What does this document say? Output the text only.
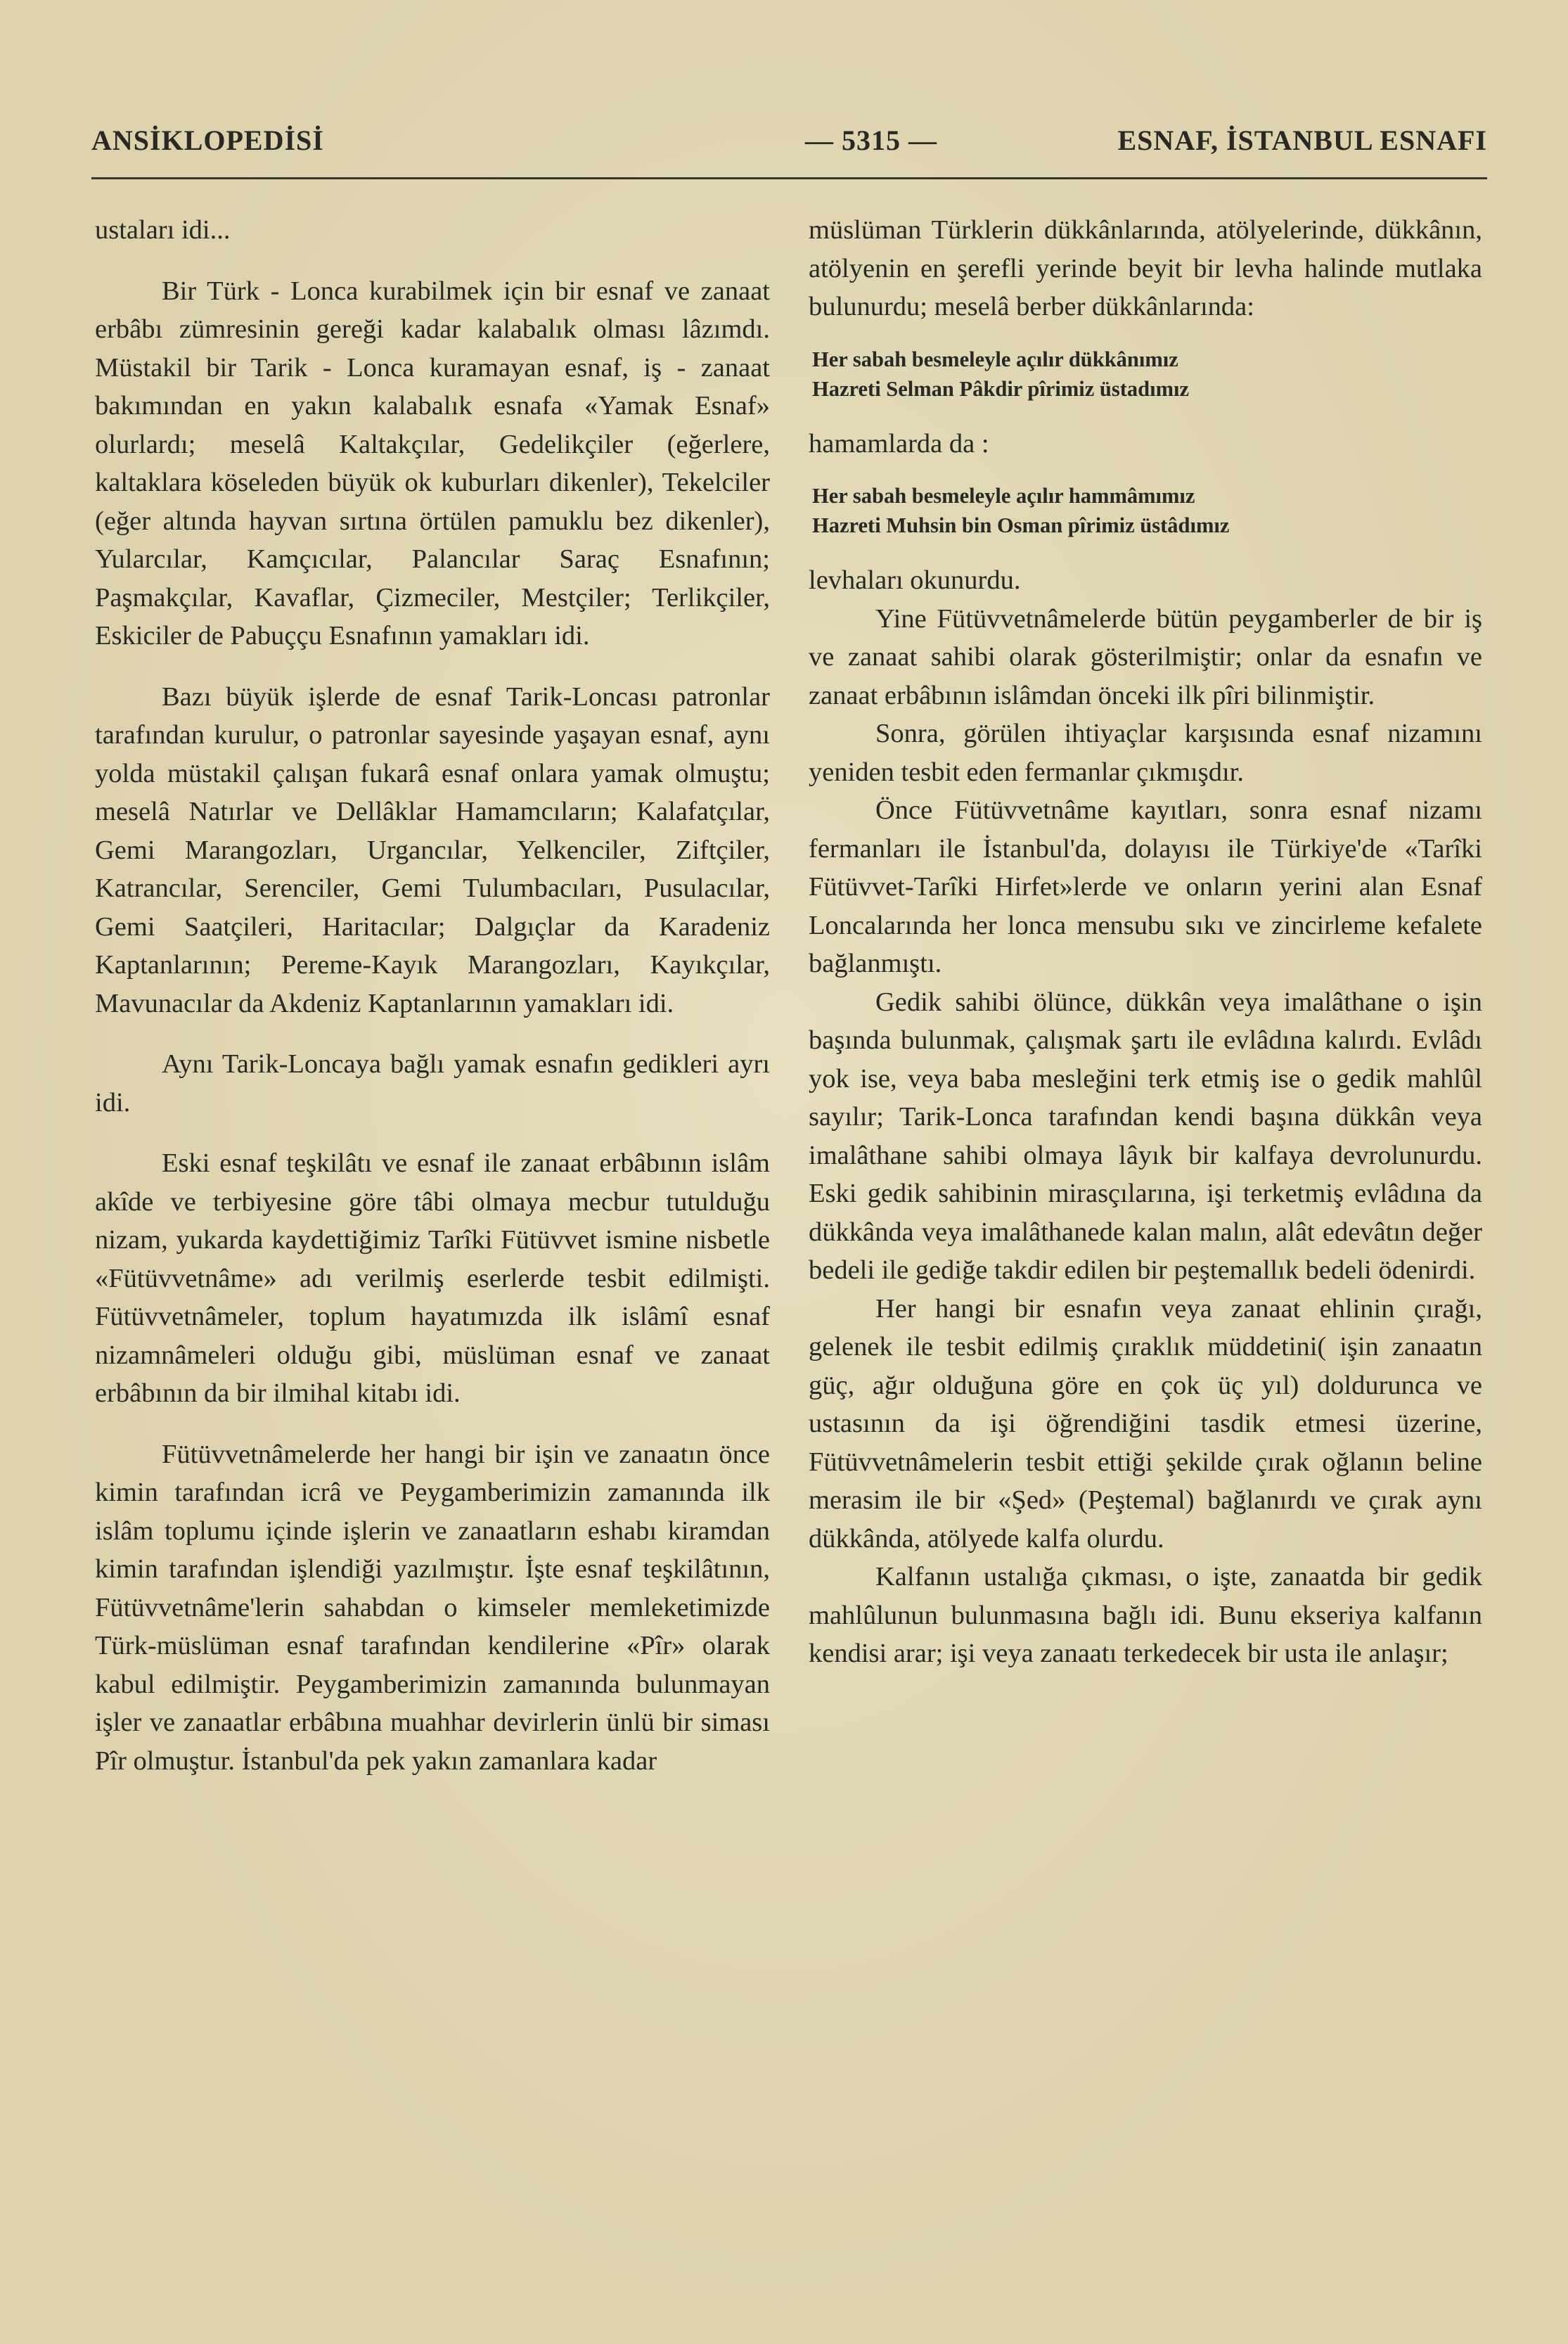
ANSİKLOPEDİSİ	— 5315 —	ESNAF, İSTANBUL ESNAFI

ustaları idi...

Bir Türk - Lonca kurabilmek için bir esnaf ve zanaat erbâbı zümresinin gereği kadar kalabalık olması lâzımdı. Müstakil bir Tarik - Lonca kuramayan esnaf, iş - zanaat bakımından en yakın kalabalık esnafa «Yamak Esnaf» olurlardı; meselâ Kaltakçılar, Gedelikçiler (eğerlere, kaltaklara köseleden büyük ok kuburları dikenler), Tekelciler (eğer altında hayvan sırtına örtülen pamuklu bez dikenler), Yularcılar, Kamçıcılar, Palancılar Saraç Esnafının; Paşmakçılar, Kavaflar, Çizmeciler, Mestçiler; Terlikçiler, Eskiciler de Pabuççu Esnafının yamakları idi.

Bazı büyük işlerde de esnaf Tarik-Loncası patronlar tarafından kurulur, o patronlar sayesinde yaşayan esnaf, aynı yolda müstakil çalışan fukarâ esnaf onlara yamak olmuştu; meselâ Natırlar ve Dellâklar Hamamcıların; Kalafatçılar, Gemi Marangozları, Urgancılar, Yelkenciler, Ziftçiler, Katrancılar, Serenciler, Gemi Tulumbacıları, Pusulacılar, Gemi Saatçileri, Haritacılar; Dalgıçlar da Karadeniz Kaptanlarının; Pereme-Kayık Marangozları, Kayıkçılar, Mavunacılar da Akdeniz Kaptanlarının yamakları idi.

Aynı Tarik-Loncaya bağlı yamak esnafın gedikleri ayrı idi.

Eski esnaf teşkilâtı ve esnaf ile zanaat erbâbının islâm akîde ve terbiyesine göre tâbi olmaya mecbur tutulduğu nizam, yukarda kaydettiğimiz Tarîki Fütüvvet ismine nisbetle «Fütüvvetnâme» adı verilmiş eserlerde tesbit edilmişti. Fütüvvetnâmeler, toplum hayatımızda ilk islâmî esnaf nizamnâmeleri olduğu gibi, müslüman esnaf ve zanaat erbâbının da bir ilmihal kitabı idi.

Fütüvvetnâmelerde her hangi bir işin ve zanaatın önce kimin tarafından icrâ ve Peygamberimizin zamanında ilk islâm toplumu içinde işlerin ve zanaatların eshabı kiramdan kimin tarafından işlendiği yazılmıştır. İşte esnaf teşkilâtının, Fütüvvetnâme'lerin sahabdan o kimseler memleketimizde Türk-müslüman esnaf tarafından kendilerine «Pîr» olarak kabul edilmiştir. Peygamberimizin zamanında bulunmayan işler ve zanaatlar erbâbına muahhar devirlerin ünlü bir siması Pîr olmuştur. İstanbul'da pek yakın zamanlara kadar

müslüman Türklerin dükkânlarında, atölyelerinde, dükkânın, atölyenin en şerefli yerinde beyit bir levha halinde mutlaka bulunurdu; meselâ berber dükkânlarında:

Her sabah besmeleyle açılır dükkânımız
Hazreti Selman Pâkdir pîrimiz üstadımız

hamamlarda da :

Her sabah besmeleyle açılır hammâmımız
Hazreti Muhsin bin Osman pîrimiz üstâdımız

levhaları okunurdu.

Yine Fütüvvetnâmelerde bütün peygamberler de bir iş ve zanaat sahibi olarak gösterilmiştir; onlar da esnafın ve zanaat erbâbının islâmdan önceki ilk pîri bilinmiştir.

Sonra, görülen ihtiyaçlar karşısında esnaf nizamını yeniden tesbit eden fermanlar çıkmışdır.

Önce Fütüvvetnâme kayıtları, sonra esnaf nizamı fermanları ile İstanbul'da, dolayısı ile Türkiye'de «Tarîki Fütüvvet-Tarîki Hirfet»lerde ve onların yerini alan Esnaf Loncalarında her lonca mensubu sıkı ve zincirleme kefalete bağlanmıştı.

Gedik sahibi ölünce, dükkân veya imalâthane o işin başında bulunmak, çalışmak şartı ile evlâdına kalırdı. Evlâdı yok ise, veya baba mesleğini terk etmiş ise o gedik mahlûl sayılır; Tarik-Lonca tarafından kendi başına dükkân veya imalâthane sahibi olmaya lâyık bir kalfaya devrolunurdu. Eski gedik sahibinin mirasçılarına, işi terketmiş evlâdına da dükkânda veya imalâthanede kalan malın, alât edevâtın değer bedeli ile gediğe takdir edilen bir peştemallık bedeli ödenirdi.

Her hangi bir esnafın veya zanaat ehlinin çırağı, gelenek ile tesbit edilmiş çıraklık müddetini( işin zanaatın güç, ağır olduğuna göre en çok üç yıl) doldurunca ve ustasının da işi öğrendiğini tasdik etmesi üzerine, Fütüvvetnâmelerin tesbit ettiği şekilde çırak oğlanın beline merasim ile bir «Şed» (Peştemal) bağlanırdı ve çırak aynı dükkânda, atölyede kalfa olurdu.

Kalfanın ustalığa çıkması, o işte, zanaatda bir gedik mahlûlunun bulunmasına bağlı idi. Bunu ekseriya kalfanın kendisi arar; işi veya zanaatı terkedecek bir usta ile anlaşır;
